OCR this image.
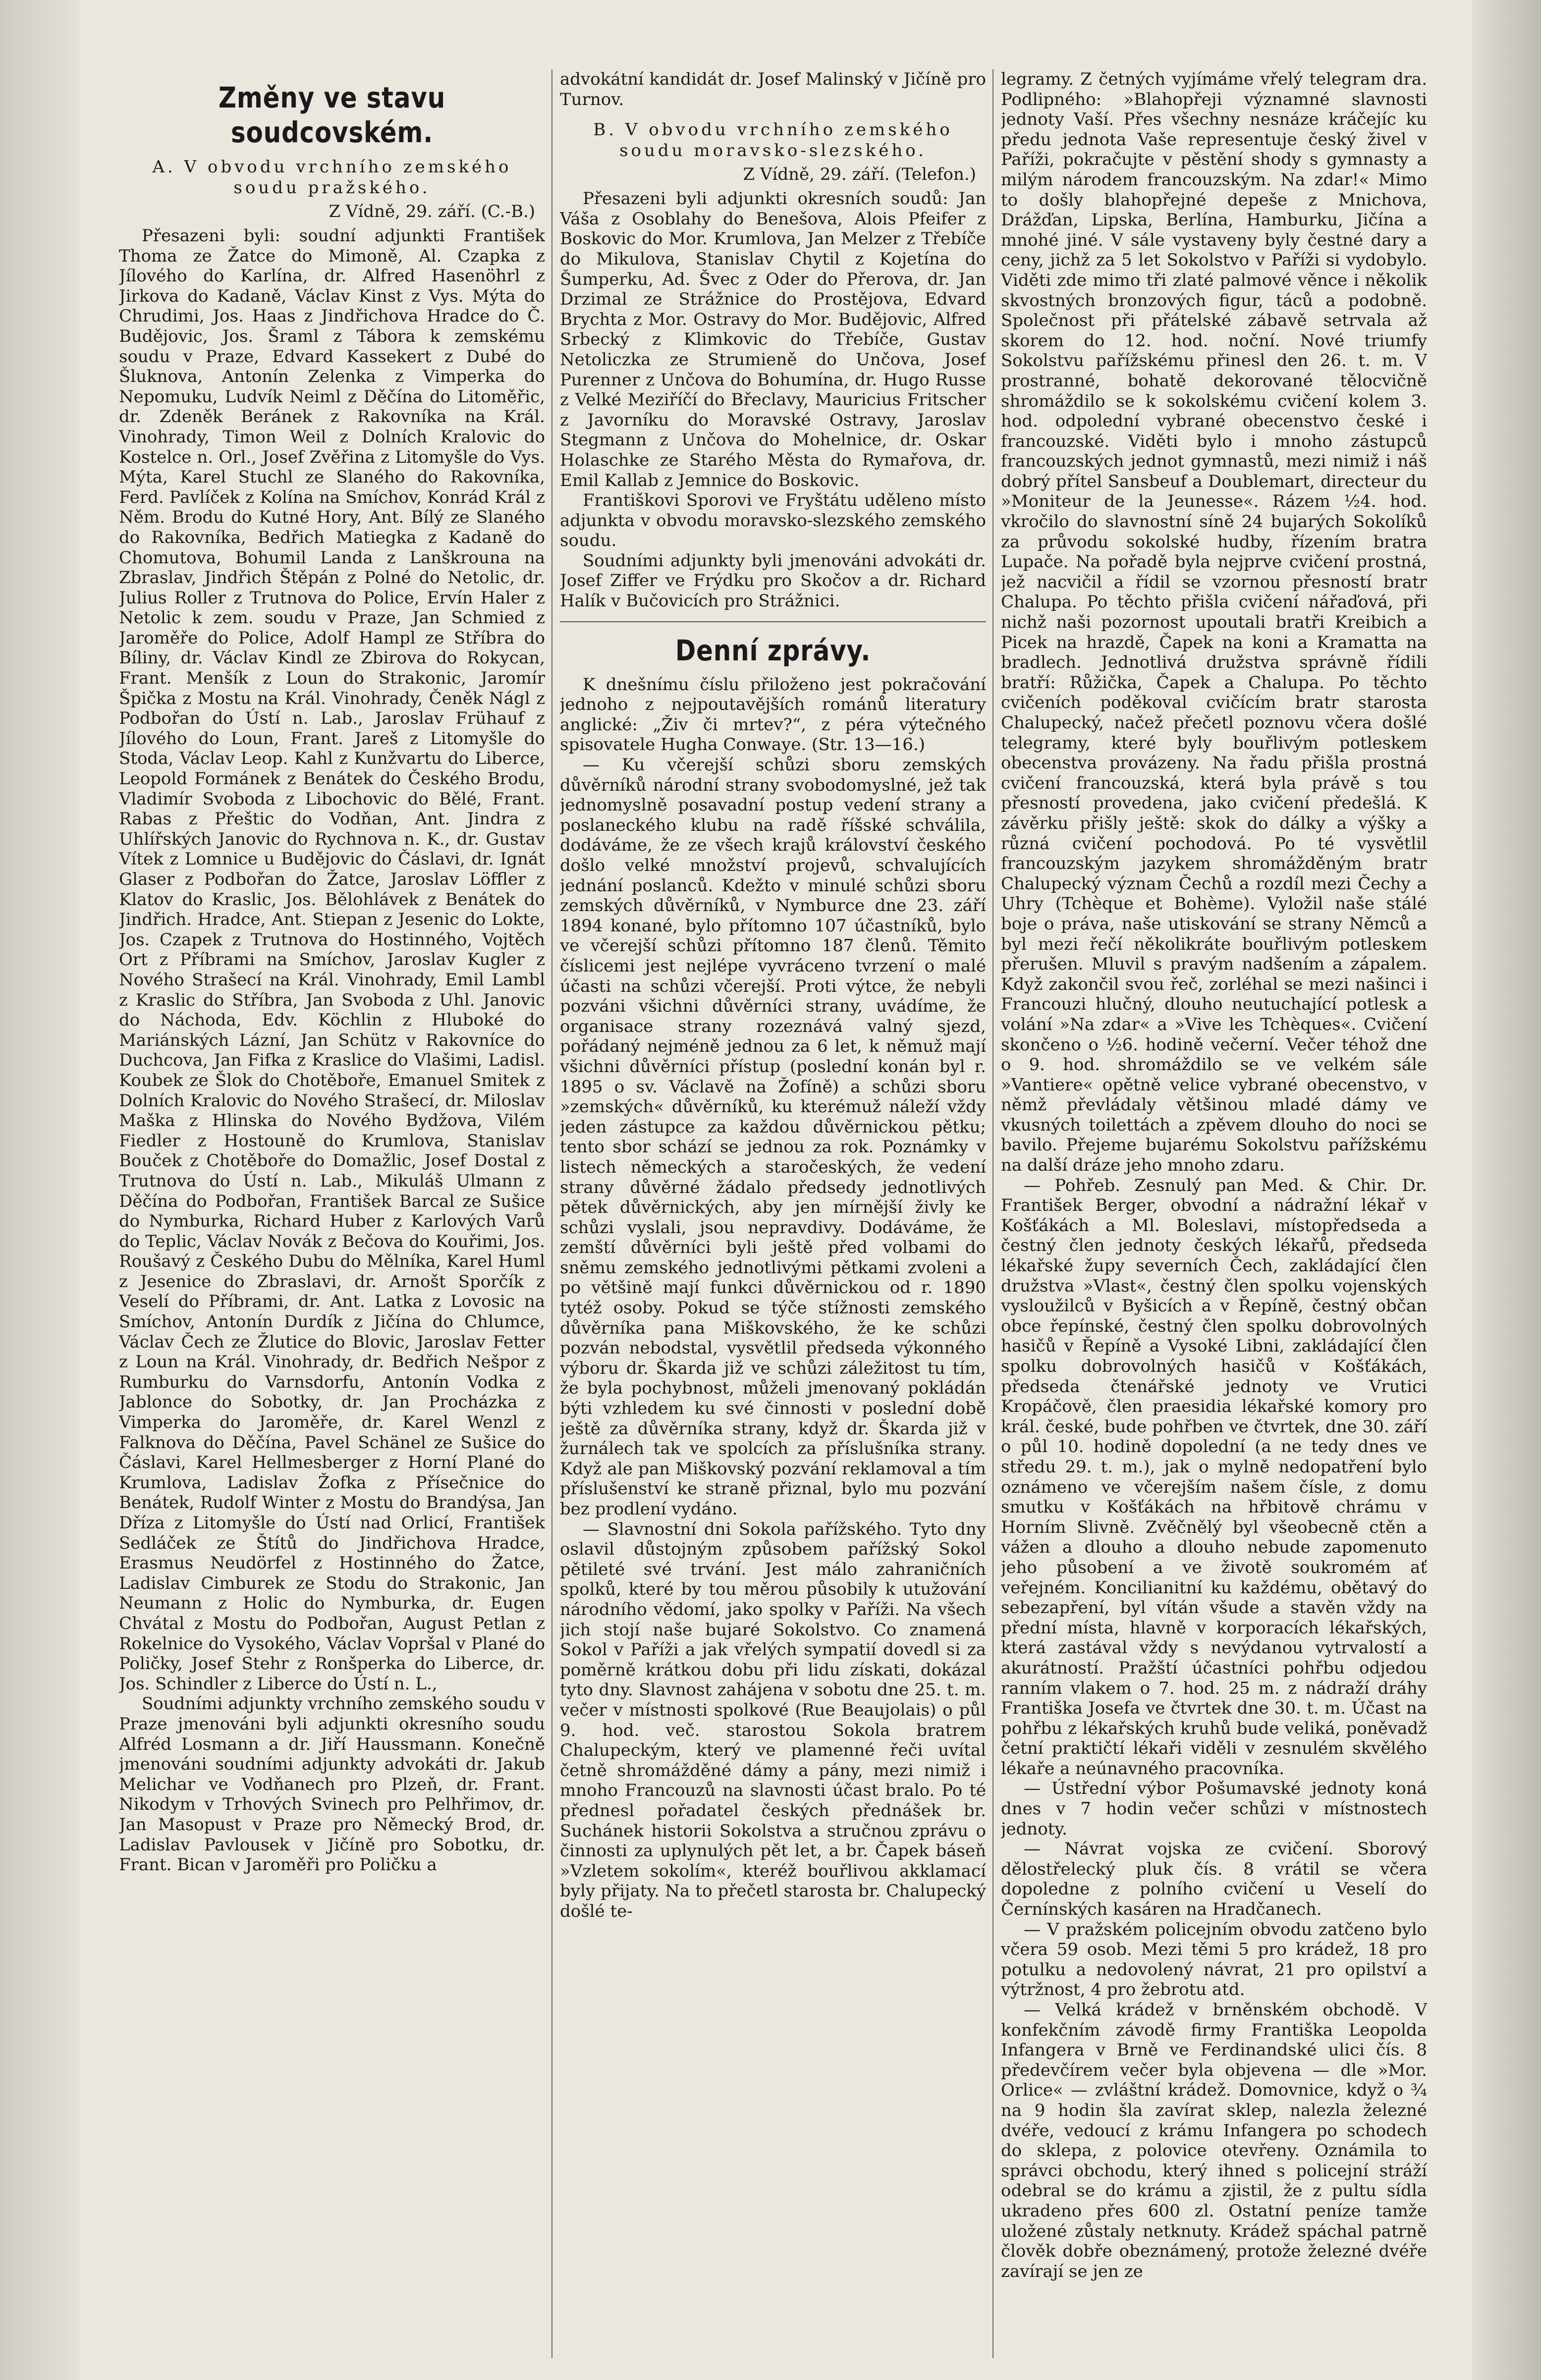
Změny ve stavu soudcovském.
A. V obvodu vrchního zemského soudu pražského.
Z Vídně, 29. září. (C.-B.)

Přesazeni byli: soudní adjunkti František Thoma ze Žatce do Mimoně, Al. Czapka z Jílového do Karlína, dr. Alfred Hasenöhrl z Jirkova do Kadaně, Václav Kinst z Vys. Mýta do Chrudimi, Jos. Haas z Jindřichova Hradce do Č. Budějovic, Jos. Šraml z Tábora k zemskému soudu v Praze, Edvard Kassekert z Dubé do Šluknova, Antonín Zelenka z Vimperka do Nepomuku, Ludvík Neiml z Děčína do Litoměřic, dr. Zdeněk Beránek z Rakovníka na Král. Vinohrady, Timon Weil z Dolních Kralovic do Kostelce n. Orl., Josef Zvěřina z Litomyšle do Vys. Mýta, Karel Stuchl ze Slaného do Rakovníka, Ferd. Pavlíček z Kolína na Smíchov, Konrád Král z Něm. Brodu do Kutné Hory, Ant. Bílý ze Slaného do Rakovníka, Bedřich Matiegka z Kadaně do Chomutova, Bohumil Landa z Lanškrouna na Zbraslav, Jindřich Štěpán z Polné do Netolic, dr. Julius Roller z Trutnova do Police, Ervín Haler z Netolic k zem. soudu v Praze, Jan Schmied z Jaroměře do Police, Adolf Hampl ze Stříbra do Bíliny, dr. Václav Kindl ze Zbirova do Rokycan, Frant. Menšík z Loun do Strakonic, Jaromír Špička z Mostu na Král. Vinohrady, Čeněk Nágl z Podbořan do Ústí n. Lab., Jaroslav Frühauf z Jílového do Loun, Frant. Jareš z Litomyšle do Stoda, Václav Leop. Kahl z Kunžvartu do Liberce, Leopold Formánek z Benátek do Českého Brodu, Vladimír Svoboda z Libochovic do Bělé, Frant. Rabas z Přeštic do Vodňan, Ant. Jindra z Uhlířských Janovic do Rychnova n. K., dr. Gustav Vítek z Lomnice u Budějovic do Čáslavi, dr. Ignát Glaser z Podbořan do Žatce, Jaroslav Löffler z Klatov do Kraslic, Jos. Bělohlávek z Benátek do Jindřich. Hradce, Ant. Stiepan z Jesenic do Lokte, Jos. Czapek z Trutnova do Hostinného, Vojtěch Ort z Příbrami na Smíchov, Jaroslav Kugler z Nového Strašecí na Král. Vinohrady, Emil Lambl z Kraslic do Stříbra, Jan Svoboda z Uhl. Janovic do Náchoda, Edv. Köchlin z Hluboké do Mariánských Lázní, Jan Schütz v Rakovníce do Duchcova, Jan Fifka z Kraslice do Vlašimi, Ladisl. Koubek ze Šlok do Chotěboře, Emanuel Smitek z Dolních Kralovic do Nového Strašecí, dr. Miloslav Maška z Hlinska do Nového Bydžova, Vilém Fiedler z Hostouně do Krumlova, Stanislav Bouček z Chotěboře do Domažlic, Josef Dostal z Trutnova do Ústí n. Lab., Mikuláš Ulmann z Děčína do Podbořan, František Barcal ze Sušice do Nymburka, Richard Huber z Karlových Varů do Teplic, Václav Novák z Bečova do Kouřimi, Jos. Roušavý z Českého Dubu do Mělníka, Karel Huml z Jesenice do Zbraslavi, dr. Arnošt Sporčík z Veselí do Příbrami, dr. Ant. Latka z Lovosic na Smíchov, Antonín Durdík z Jičína do Chlumce, Václav Čech ze Žlutice do Blovic, Jaroslav Fetter z Loun na Král. Vinohrady, dr. Bedřich Nešpor z Rumburku do Varnsdorfu, Antonín Vodka z Jablonce do Sobotky, dr. Jan Procházka z Vimperka do Jaroměře, dr. Karel Wenzl z Falknova do Děčína, Pavel Schänel ze Sušice do Čáslavi, Karel Hellmesberger z Horní Plané do Krumlova, Ladislav Žofka z Přísečnice do Benátek, Rudolf Winter z Mostu do Brandýsa, Jan Dříza z Litomyšle do Ústí nad Orlicí, František Sedláček ze Štítů do Jindřichova Hradce, Erasmus Neudörfel z Hostinného do Žatce, Ladislav Cimburek ze Stodu do Strakonic, Jan Neumann z Holic do Nymburka, dr. Eugen Chvátal z Mostu do Podbořan, August Petlan z Rokelnice do Vysokého, Václav Vopršal v Plané do Poličky, Josef Stehr z Ronšperka do Liberce, dr. Jos. Schindler z Liberce do Ústí n. L.,

Soudními adjunkty vrchního zemského soudu v Praze jmenováni byli adjunkti okresního soudu Alfréd Losmann a dr. Jiří Haussmann. Konečně jmenováni soudními adjunkty advokáti dr. Jakub Melichar ve Vodňanech pro Plzeň, dr. Frant. Nikodym v Trhových Svinech pro Pelhřimov, dr. Jan Masopust v Praze pro Německý Brod, dr. Ladislav Pavlousek v Jičíně pro Sobotku, dr. Frant. Bican v Jaroměři pro Poličku a

advokátní kandidát dr. Josef Malinský v Jičíně pro Turnov.

B. V obvodu vrchního zemského soudu moravsko-slezského.
Z Vídně, 29. září. (Telefon.)

Přesazeni byli adjunkti okresních soudů: Jan Váša z Osoblahy do Benešova, Alois Pfeifer z Boskovic do Mor. Krumlova, Jan Melzer z Třebíče do Mikulova, Stanislav Chytil z Kojetína do Šumperku, Ad. Švec z Oder do Přerova, dr. Jan Drzimal ze Strážnice do Prostějova, Edvard Brychta z Mor. Ostravy do Mor. Budějovic, Alfred Srbecký z Klimkovic do Třebíče, Gustav Netoliczka ze Strumieně do Unčova, Josef Purenner z Unčova do Bohumína, dr. Hugo Russe z Velké Meziříčí do Břeclavy, Mauricius Fritscher z Javorníku do Moravské Ostravy, Jaroslav Stegmann z Unčova do Mohelnice, dr. Oskar Holaschke ze Starého Města do Rymařova, dr. Emil Kallab z Jemnice do Boskovic.

Františkovi Sporovi ve Fryštátu uděleno místo adjunkta v obvodu moravsko-slezského zemského soudu.

Soudními adjunkty byli jmenováni advokáti dr. Josef Ziffer ve Frýdku pro Skočov a dr. Richard Halík v Bučovicích pro Strážnici.

Denní zprávy.

K dnešnímu číslu přiloženo jest pokračování jednoho z nejpoutavějších románů literatury anglické: „Živ či mrtev?“, z péra výtečného spisovatele Hugha Conwaye. (Str. 13—16.)

— Ku včerejší schůzi sboru zemských důvěrníků národní strany svobodomyslné, jež tak jednomyslně posavadní postup vedení strany a poslaneckého klubu na radě říšské schválila, dodáváme, že ze všech krajů království českého došlo velké množství projevů, schvalujících jednání poslanců. Kdežto v minulé schůzi sboru zemských důvěrníků, v Nymburce dne 23. září 1894 konané, bylo přítomno 107 účastníků, bylo ve včerejší schůzi přítomno 187 členů. Těmito číslicemi jest nejlépe vyvráceno tvrzení o malé účasti na schůzi včerejší. Proti výtce, že nebyli pozváni všichni důvěrníci strany, uvádíme, že organisace strany rozeznává valný sjezd, pořádaný nejméně jednou za 6 let, k němuž mají všichni důvěrníci přístup (poslední konán byl r. 1895 o sv. Václavě na Žofíně) a schůzi sboru »zemských« důvěrníků, ku kterémuž náleží vždy jeden zástupce za každou důvěrnickou pětku; tento sbor schází se jednou za rok. Poznámky v listech německých a staročeských, že vedení strany důvěrné žádalo předsedy jednotlivých pětek důvěrnických, aby jen mírnější živly ke schůzi vyslali, jsou nepravdivy. Dodáváme, že zemští důvěrníci byli ještě před volbami do sněmu zemského jednotlivými pětkami zvoleni a po většině mají funkci důvěrnickou od r. 1890 tytéž osoby. Pokud se týče stížnosti zemského důvěrníka pana Miškovského, že ke schůzi pozván nebodstal, vysvětlil předseda výkonného výboru dr. Škarda již ve schůzi záležitost tu tím, že byla pochybnost, můželi jmenovaný pokládán býti vzhledem ku své činnosti v poslední době ještě za důvěrníka strany, když dr. Škarda již v žurnálech tak ve spolcích za příslušníka strany. Když ale pan Miškovský pozvání reklamoval a tím příslušenství ke straně přiznal, bylo mu pozvání bez prodlení vydáno.

— Slavnostní dni Sokola pařížského. Tyto dny oslavil důstojným způsobem pařížský Sokol pětileté své trvání. Jest málo zahraničních spolků, které by tou měrou působily k utužování národního vědomí, jako spolky v Paříži. Na všech jich stojí naše bujaré Sokolstvo. Co znamená Sokol v Paříži a jak vřelých sympatií dovedl si za poměrně krátkou dobu při lidu získati, dokázal tyto dny. Slavnost zahájena v sobotu dne 25. t. m. večer v místnosti spolkové (Rue Beaujolais) o půl 9. hod. več. starostou Sokola bratrem Chalupeckým, který ve plamenné řeči uvítal četně shromážděné dámy a pány, mezi nimiž i mnoho Francouzů na slavnosti účast bralo. Po té přednesl pořadatel českých přednášek br. Suchánek historii Sokolstva a stručnou zprávu o činnosti za uplynulých pět let, a br. Čapek báseň »Vzletem sokolím«, kteréž bouřlivou akklamací byly přijaty. Na to přečetl starosta br. Chalupecký došlé te-

legramy. Z četných vyjímáme vřelý telegram dra. Podlipného: »Blahopřeji významné slavnosti jednoty Vaší. Přes všechny nesnáze kráčejíc ku předu jednota Vaše representuje český živel v Paříži, pokračujte v pěstění shody s gymnasty a milým národem francouzským. Na zdar!« Mimo to došly blahopřejné depeše z Mnichova, Drážďan, Lipska, Berlína, Hamburku, Jičína a mnohé jiné. V sále vystaveny byly čestné dary a ceny, jichž za 5 let Sokolstvo v Paříži si vydobylo. Viděti zde mimo tři zlaté palmové věnce i několik skvostných bronzových figur, táců a podobně. Společnost při přátelské zábavě setrvala až skorem do 12. hod. noční. Nové triumfy Sokolstvu pařížskému přinesl den 26. t. m. V prostranné, bohatě dekorované tělocvičně shromáždilo se k sokolskému cvičení kolem 3. hod. odpolední vybrané obecenstvo české i francouzské. Viděti bylo i mnoho zástupců francouzských jednot gymnastů, mezi nimiž i náš dobrý přítel Sansbeuf a Doublemart, directeur du »Moniteur de la Jeunesse«. Rázem ½4. hod. vkročilo do slavnostní síně 24 bujarých Sokolíků za průvodu sokolské hudby, řízením bratra Lupače. Na pořadě byla nejprve cvičení prostná, jež nacvičil a řídil se vzornou přesností bratr Chalupa. Po těchto přišla cvičení nářaďová, při nichž naši pozornost upoutali bratři Kreibich a Picek na hrazdě, Čapek na koni a Kramatta na bradlech. Jednotlivá družstva správně řídili bratří: Růžička, Čapek a Chalupa. Po těchto cvičeních poděkoval cvičícím bratr starosta Chalupecký, načež přečetl poznovu včera došlé telegramy, které byly bouřlivým potleskem obecenstva provázeny. Na řadu přišla prostná cvičení francouzská, která byla právě s tou přesností provedena, jako cvičení předešlá. K závěrku přišly ještě: skok do dálky a výšky a různá cvičení pochodová. Po té vysvětlil francouzským jazykem shromážděným bratr Chalupecký význam Čechů a rozdíl mezi Čechy a Uhry (Tchèque et Bohème). Vyložil naše stálé boje o práva, naše utiskování se strany Němců a byl mezi řečí několikráte bouřlivým potleskem přerušen. Mluvil s pravým nadšením a zápalem. Když zakončil svou řeč, zorléhal se mezi našinci i Francouzi hlučný, dlouho neutuchající potlesk a volání »Na zdar« a »Vive les Tchèques«. Cvičení skončeno o ½6. hodině večerní. Večer téhož dne o 9. hod. shromáždilo se ve velkém sále »Vantiere« opětně velice vybrané obecenstvo, v němž převládaly většinou mladé dámy ve vkusných toilettách a zpěvem dlouho do noci se bavilo. Přejeme bujarému Sokolstvu pařížskému na další dráze jeho mnoho zdaru.

— Pohřeb. Zesnulý pan Med. & Chir. Dr. František Berger, obvodní a nádražní lékař v Košťákách a Ml. Boleslavi, místopředseda a čestný člen jednoty českých lékařů, předseda lékařské župy severních Čech, zakládající člen družstva »Vlast«, čestný člen spolku vojenských vysloužilců v Byšicích a v Řepíně, čestný občan obce řepínské, čestný člen spolku dobrovolných hasičů v Řepíně a Vysoké Libni, zakládající člen spolku dobrovolných hasičů v Košťákách, předseda čtenářské jednoty ve Vrutici Kropáčově, člen praesidia lékařské komory pro král. české, bude pohřben ve čtvrtek, dne 30. září o půl 10. hodině dopolední (a ne tedy dnes ve středu 29. t. m.), jak o mylně nedopatření bylo oznámeno ve včerejším našem čísle, z domu smutku v Košťákách na hřbitově chrámu v Horním Slivně. Zvěčnělý byl všeobecně ctěn a vážen a dlouho a dlouho nebude zapomenuto jeho působení a ve životě soukromém ať veřejném. Koncilianitní ku každému, obětavý do sebezapření, byl vítán všude a stavěn vždy na přední místa, hlavně v korporacích lékařských, která zastával vždy s nevýdanou vytrvalostí a akurátností. Pražští účastníci pohřbu odjedou ranním vlakem o 7. hod. 25 m. z nádraží dráhy Františka Josefa ve čtvrtek dne 30. t. m. Účast na pohřbu z lékařských kruhů bude veliká, poněvadž četní praktičtí lékaři viděli v zesnulém skvělého lékaře a neúnavného pracovníka.

— Ústřední výbor Pošumavské jednoty koná dnes v 7 hodin večer schůzi v místnostech jednoty.

— Návrat vojska ze cvičení. Sborový dělostřelecký pluk čís. 8 vrátil se včera dopoledne z polního cvičení u Veselí do Černínských kasáren na Hradčanech.

— V pražském policejním obvodu zatčeno bylo včera 59 osob. Mezi těmi 5 pro krádež, 18 pro potulku a nedovolený návrat, 21 pro opilství a výtržnost, 4 pro žebrotu atd.

— Velká krádež v brněnském obchodě. V konfekčním závodě firmy Františka Leopolda Infangera v Brně ve Ferdinandské ulici čís. 8 předevčírem večer byla objevena — dle »Mor. Orlice« — zvláštní krádež. Domovnice, když o ¾ na 9 hodin šla zavírat sklep, nalezla železné dvéře, vedoucí z krámu Infangera po schodech do sklepa, z polovice otevřeny. Oznámila to správci obchodu, který ihned s policejní stráží odebral se do krámu a zjistil, že z pultu sídla ukradeno přes 600 zl. Ostatní peníze tamže uložené zůstaly netknuty. Krádež spáchal patrně člověk dobře obeznámený, protože železné dvéře zavírají se jen ze
